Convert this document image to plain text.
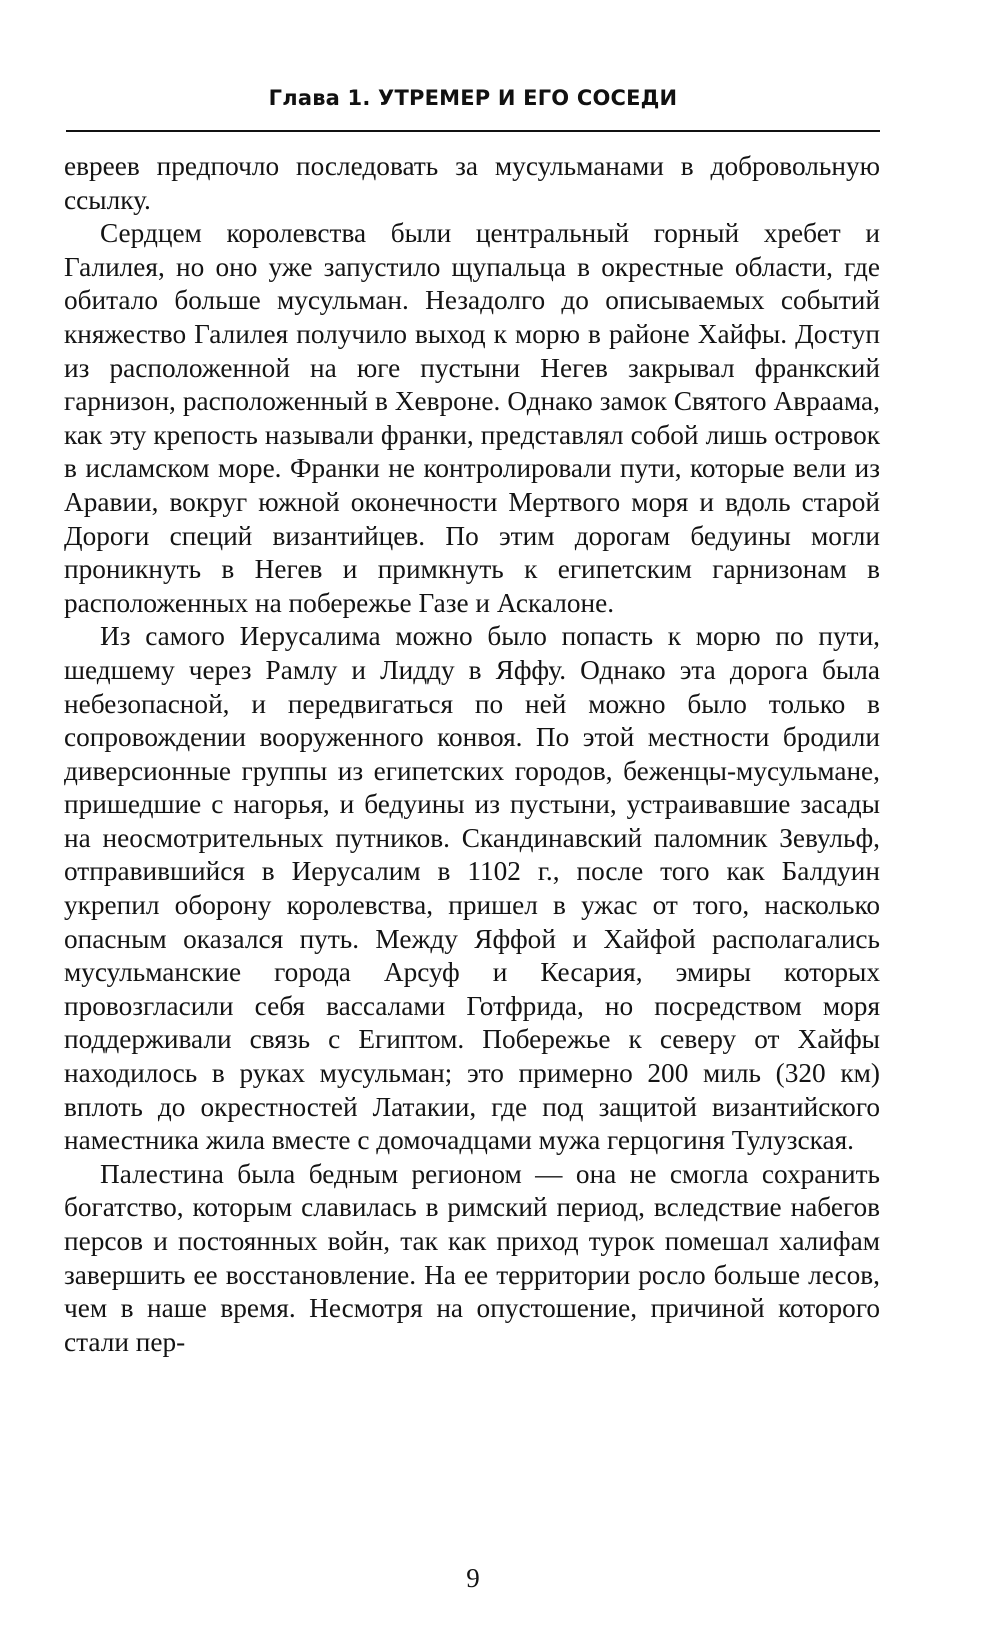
Глава 1. УТРЕМЕР И ЕГО СОСЕДИ

евреев предпочло последовать за мусульманами в добровольную ссылку.

Сердцем королевства были центральный горный хребет и Галилея, но оно уже запустило щупальца в окрестные области, где обитало больше мусульман. Незадолго до описываемых событий княжество Галилея получило выход к морю в районе Хайфы. Доступ из расположенной на юге пустыни Негев закрывал франкский гарнизон, расположенный в Хевроне. Однако замок Святого Авраама, как эту крепость называли франки, представлял собой лишь островок в исламском море. Франки не контролировали пути, которые вели из Аравии, вокруг южной оконечности Мертвого моря и вдоль старой Дороги специй византийцев. По этим дорогам бедуины могли проникнуть в Негев и примкнуть к египетским гарнизонам в расположенных на побережье Газе и Аскалоне.

Из самого Иерусалима можно было попасть к морю по пути, шедшему через Рамлу и Лидду в Яффу. Однако эта дорога была небезопасной, и передвигаться по ней можно было только в сопровождении вооруженного конвоя. По этой местности бродили диверсионные группы из египетских городов, беженцы-мусульмане, пришедшие с нагорья, и бедуины из пустыни, устраивавшие засады на неосмотрительных путников. Скандинавский паломник Зевульф, отправившийся в Иерусалим в 1102 г., после того как Балдуин укрепил оборону королевства, пришел в ужас от того, насколько опасным оказался путь. Между Яффой и Хайфой располагались мусульманские города Арсуф и Кесария, эмиры которых провозгласили себя вассалами Готфрида, но посредством моря поддерживали связь с Египтом. Побережье к северу от Хайфы находилось в руках мусульман; это примерно 200 миль (320 км) вплоть до окрестностей Латакии, где под защитой византийского наместника жила вместе с домочадцами мужа герцогиня Тулузская.

Палестина была бедным регионом — она не смогла сохранить богатство, которым славилась в римский период, вследствие набегов персов и постоянных войн, так как приход турок помешал халифам завершить ее восстановление. На ее территории росло больше лесов, чем в наше время. Несмотря на опустошение, причиной которого стали пер-

9
